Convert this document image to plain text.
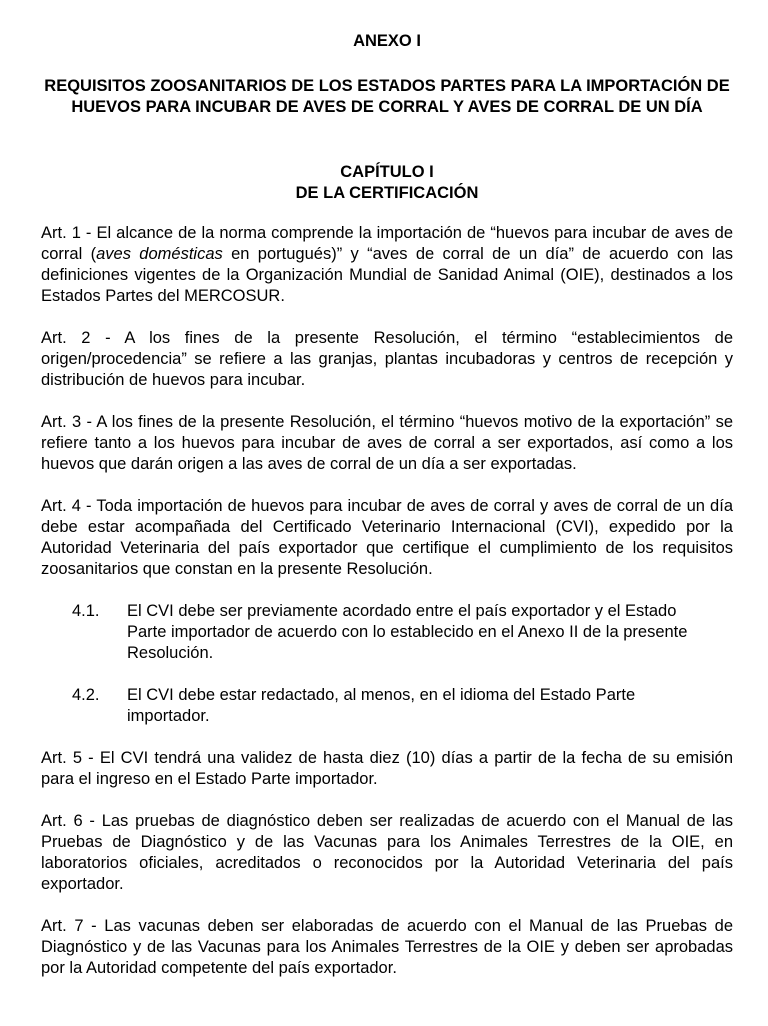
ANEXO I
REQUISITOS ZOOSANITARIOS DE LOS ESTADOS PARTES PARA LA IMPORTACIÓN DE HUEVOS PARA INCUBAR DE AVES DE CORRAL Y AVES DE CORRAL DE UN DÍA
CAPÍTULO I
DE LA CERTIFICACIÓN

Art. 1 - El alcance de la norma comprende la importación de “huevos para incubar de aves de corral (aves domésticas en portugués)” y “aves de corral de un día” de acuerdo con las definiciones vigentes de la Organización Mundial de Sanidad Animal (OIE), destinados a los Estados Partes del MERCOSUR.

Art. 2 - A los fines de la presente Resolución, el término “establecimientos de origen/procedencia” se refiere a las granjas, plantas incubadoras y centros de recepción y distribución de huevos para incubar.

Art. 3 - A los fines de la presente Resolución, el término “huevos motivo de la exportación” se refiere tanto a los huevos para incubar de aves de corral a ser exportados, así como a los huevos que darán origen a las aves de corral de un día a ser exportadas.

Art. 4 - Toda importación de huevos para incubar de aves de corral y aves de corral de un día debe estar acompañada del Certificado Veterinario Internacional (CVI), expedido por la Autoridad Veterinaria del país exportador que certifique el cumplimiento de los requisitos zoosanitarios que constan en la presente Resolución.

4.1.	El CVI debe ser previamente acordado entre el país exportador y el Estado Parte importador de acuerdo con lo establecido en el Anexo II de la presente Resolución.
4.2.	El CVI debe estar redactado, al menos, en el idioma del Estado Parte importador.

Art. 5 - El CVI tendrá una validez de hasta diez (10) días a partir de la fecha de su emisión para el ingreso en el Estado Parte importador.

Art. 6 - Las pruebas de diagnóstico deben ser realizadas de acuerdo con el Manual de las Pruebas de Diagnóstico y de las Vacunas para los Animales Terrestres de la OIE, en laboratorios oficiales, acreditados o reconocidos por la Autoridad Veterinaria del país exportador.

Art. 7 - Las vacunas deben ser elaboradas de acuerdo con el Manual de las Pruebas de Diagnóstico y de las Vacunas para los Animales Terrestres de la OIE y deben ser aprobadas por la Autoridad competente del país exportador.
